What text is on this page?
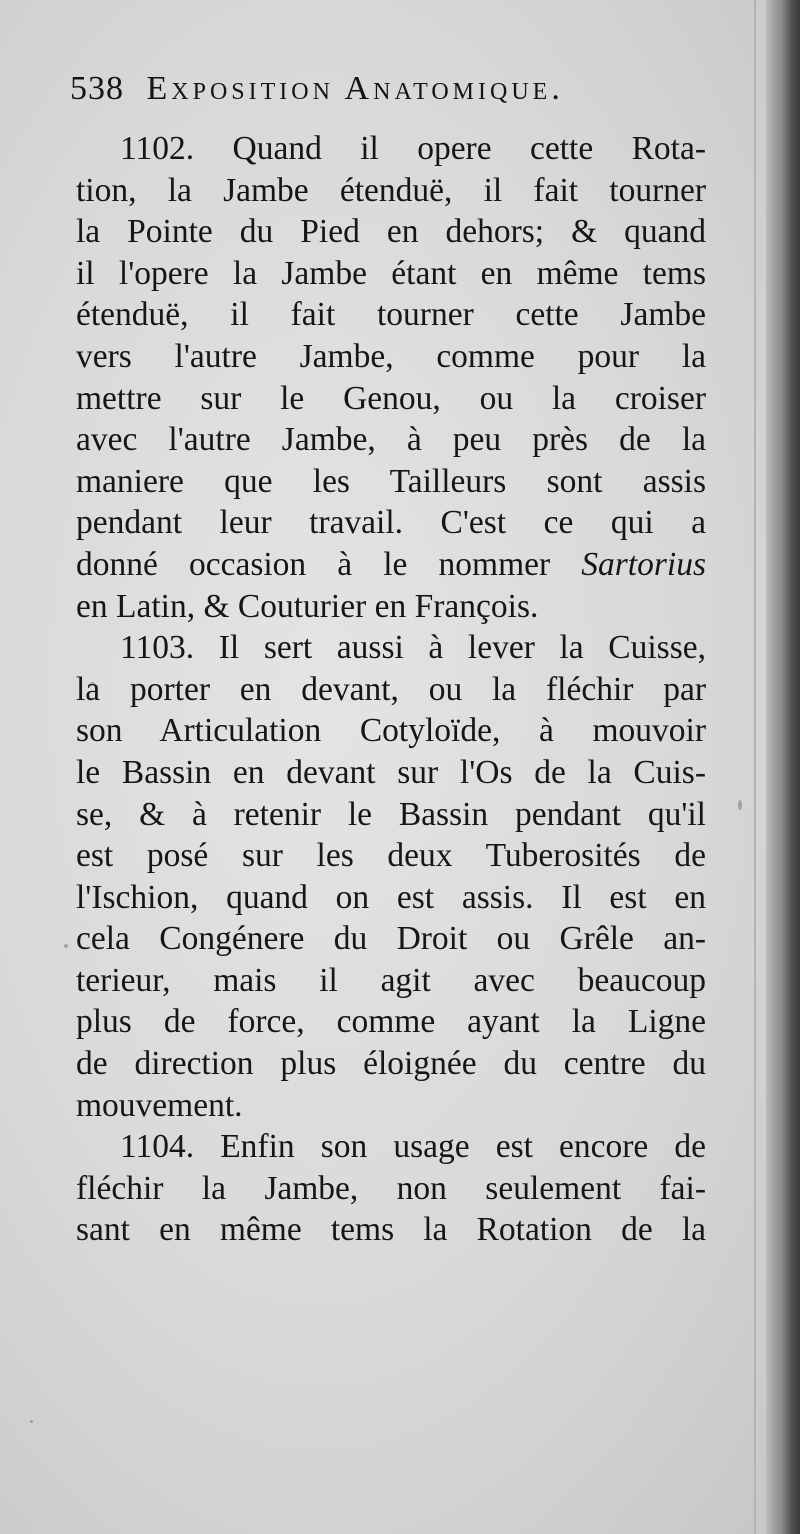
538 Exposition Anatomique.
1102. Quand il opere cette Rota-
tion, la Jambe étenduë, il fait tourner
la Pointe du Pied en dehors; & quand
il l'opere la Jambe étant en même tems
étenduë, il fait tourner cette Jambe
vers l'autre Jambe, comme pour la
mettre sur le Genou, ou la croiser
avec l'autre Jambe, à peu près de la
maniere que les Tailleurs sont assis
pendant leur travail. C'est ce qui a
donné occasion à le nommer Sartorius
en Latin, & Couturier en François.
1103. Il sert aussi à lever la Cuisse,
la porter en devant, ou la fléchir par
son Articulation Cotyloïde, à mouvoir
le Bassin en devant sur l'Os de la Cuis-
se, & à retenir le Bassin pendant qu'il
est posé sur les deux Tuberosités de
l'Ischion, quand on est assis. Il est en
cela Congénere du Droit ou Grêle an-
terieur, mais il agit avec beaucoup
plus de force, comme ayant la Ligne
de direction plus éloignée du centre du
mouvement.
1104. Enfin son usage est encore de
fléchir la Jambe, non seulement fai-
sant en même tems la Rotation de la
